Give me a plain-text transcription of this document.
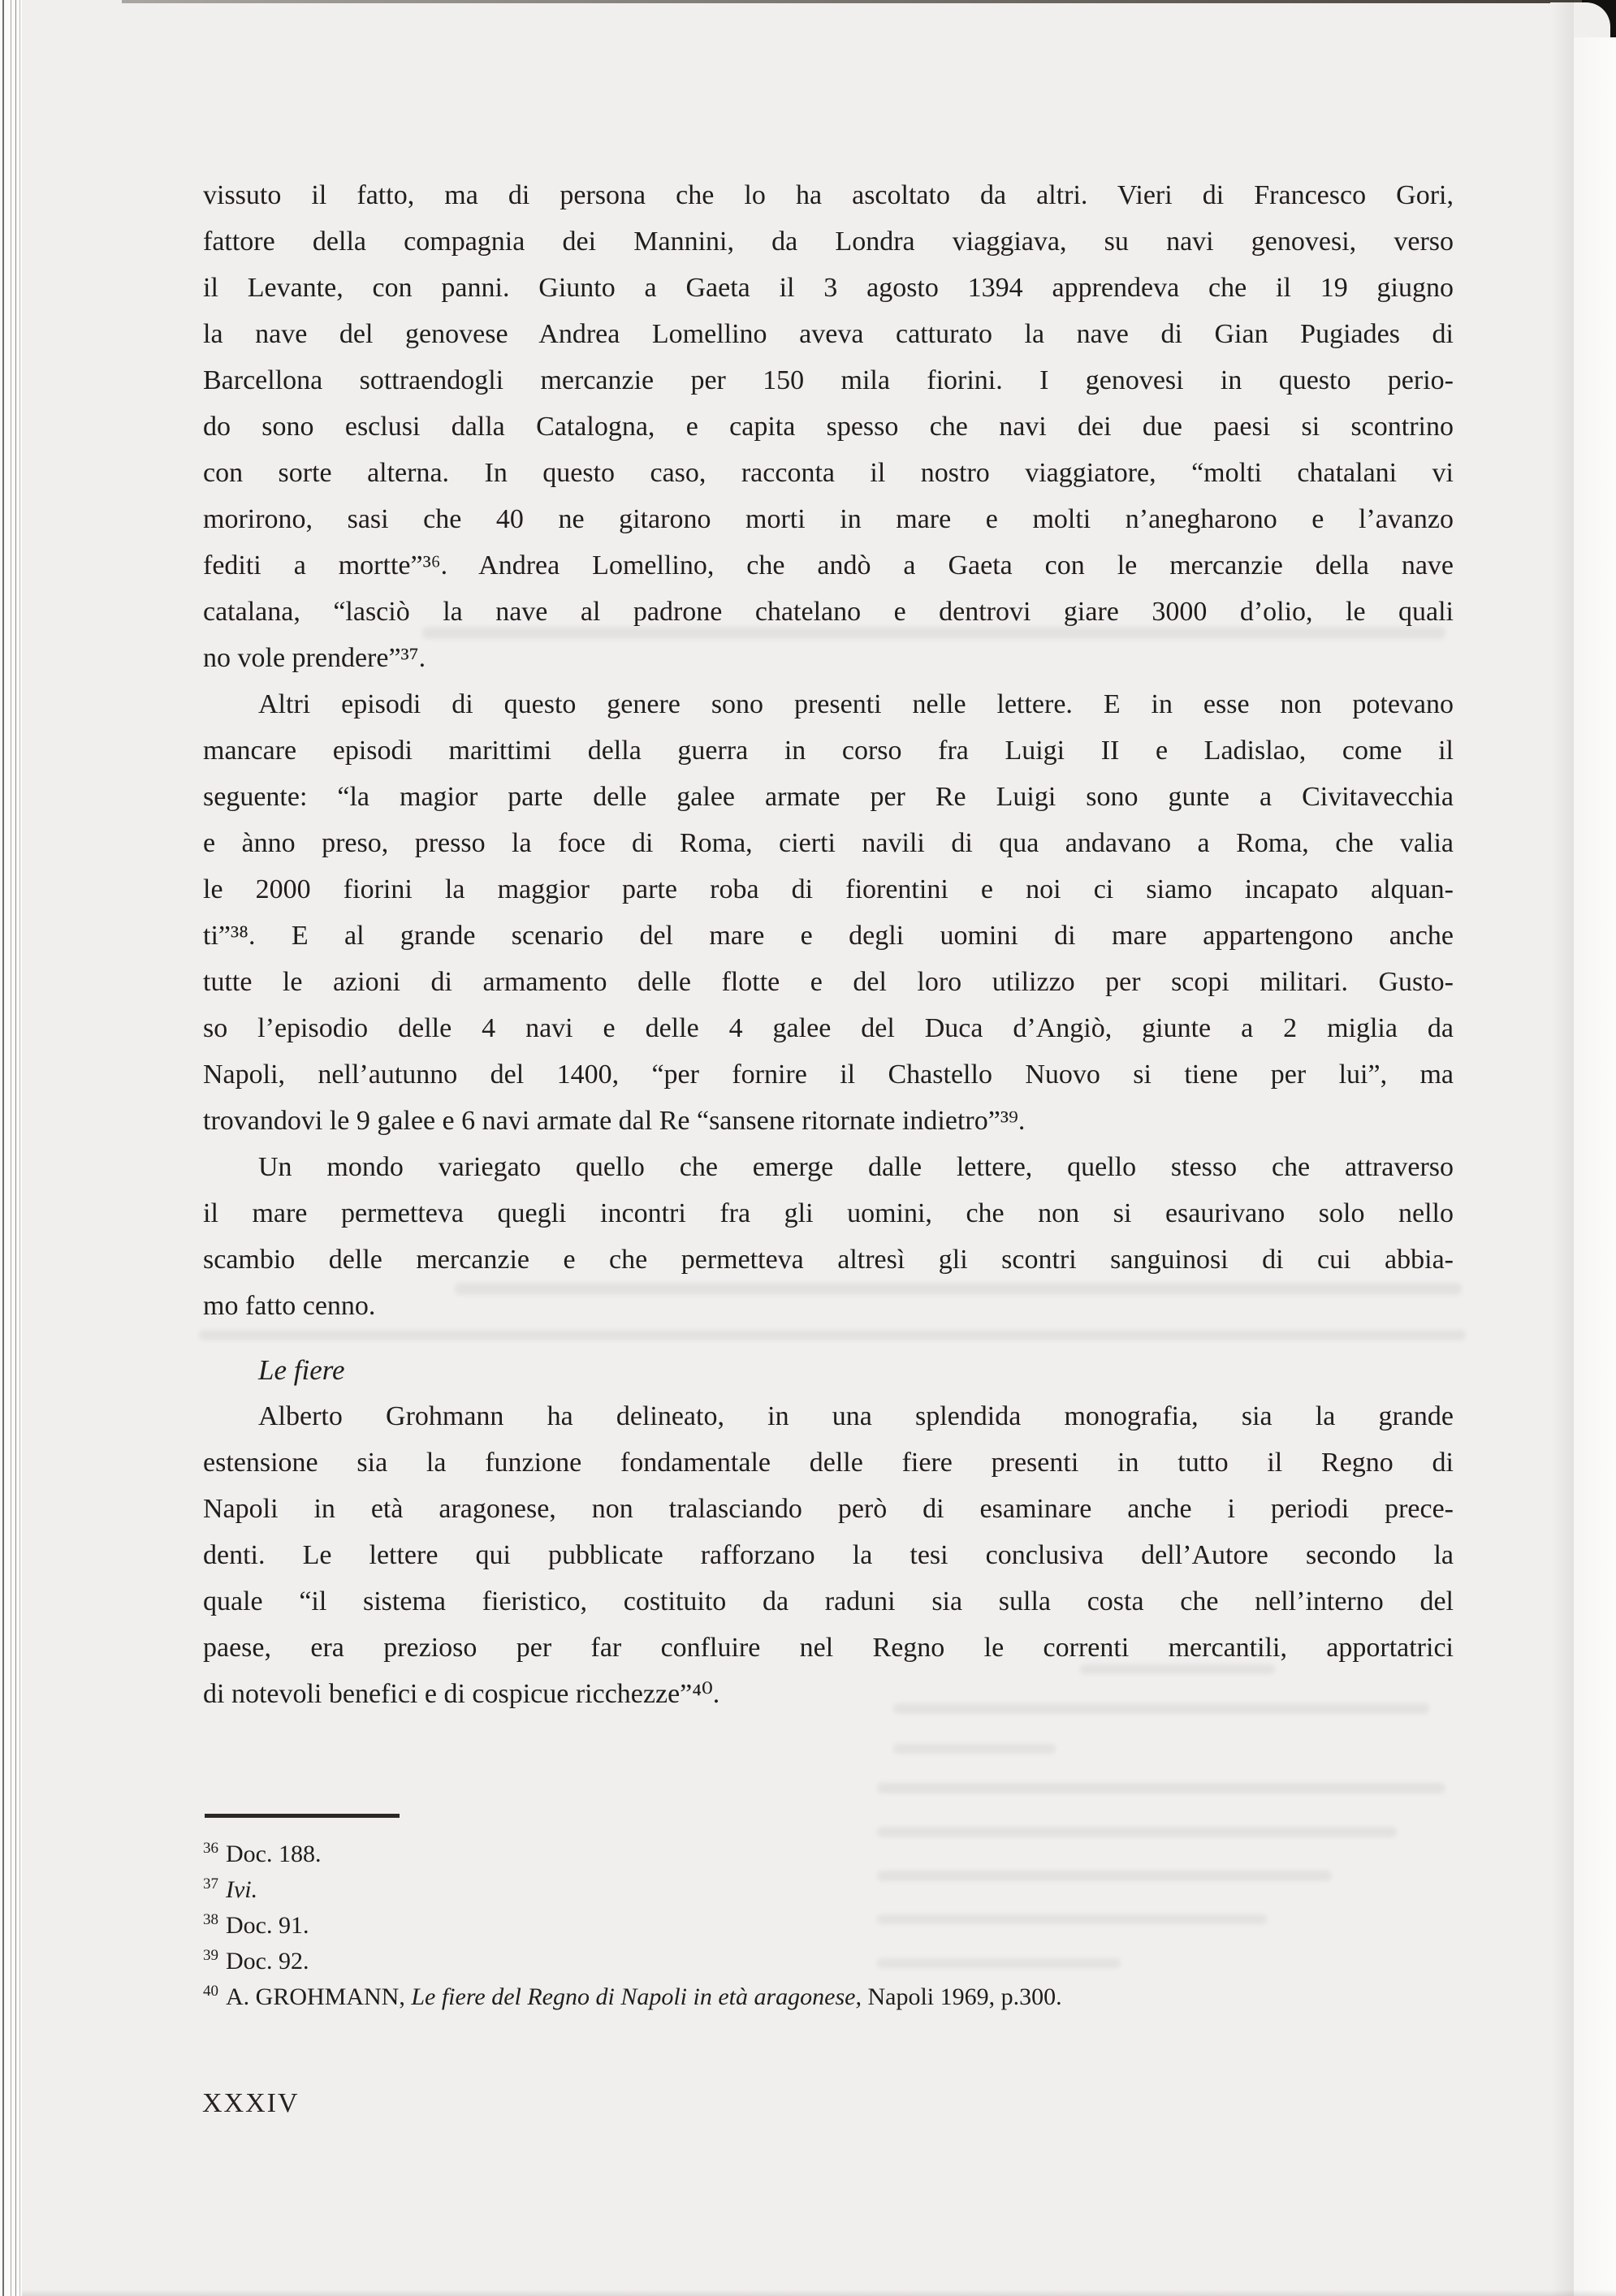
vissuto il fatto, ma di persona che lo ha ascoltato da altri. Vieri di Francesco Gori,
fattore della compagnia dei Mannini, da Londra viaggiava, su navi genovesi, verso
il Levante, con panni. Giunto a Gaeta il 3 agosto 1394 apprendeva che il 19 giugno
la nave del genovese Andrea Lomellino aveva catturato la nave di Gian Pugiades di
Barcellona sottraendogli mercanzie per 150 mila fiorini. I genovesi in questo perio-
do sono esclusi dalla Catalogna, e capita spesso che navi dei due paesi si scontrino
con sorte alterna. In questo caso, racconta il nostro viaggiatore, “molti chatalani vi
morirono, sasi che 40 ne gitarono morti in mare e molti n’anegharono e l’avanzo
fediti a mortte”³⁶. Andrea Lomellino, che andò a Gaeta con le mercanzie della nave
catalana, “lasciò la nave al padrone chatelano e dentrovi giare 3000 d’olio, le quali
no vole prendere”³⁷.
Altri episodi di questo genere sono presenti nelle lettere. E in esse non potevano
mancare episodi marittimi della guerra in corso fra Luigi II e Ladislao, come il
seguente: “la magior parte delle galee armate per Re Luigi sono gunte a Civitavecchia
e ànno preso, presso la foce di Roma, cierti navili di qua andavano a Roma, che valia
le 2000 fiorini la maggior parte roba di fiorentini e noi ci siamo incapato alquan-
ti”³⁸. E al grande scenario del mare e degli uomini di mare appartengono anche
tutte le azioni di armamento delle flotte e del loro utilizzo per scopi militari. Gusto-
so l’episodio delle 4 navi e delle 4 galee del Duca d’Angiò, giunte a 2 miglia da
Napoli, nell’autunno del 1400, “per fornire il Chastello Nuovo si tiene per lui”, ma
trovandovi le 9 galee e 6 navi armate dal Re “sansene ritornate indietro”³⁹.
Un mondo variegato quello che emerge dalle lettere, quello stesso che attraverso
il mare permetteva quegli incontri fra gli uomini, che non si esaurivano solo nello
scambio delle mercanzie e che permetteva altresì gli scontri sanguinosi di cui abbia-
mo fatto cenno.
Le fiere
Alberto Grohmann ha delineato, in una splendida monografia, sia la grande
estensione sia la funzione fondamentale delle fiere presenti in tutto il Regno di
Napoli in età aragonese, non tralasciando però di esaminare anche i periodi prece-
denti. Le lettere qui pubblicate rafforzano la tesi conclusiva dell’Autore secondo la
quale “il sistema fieristico, costituito da raduni sia sulla costa che nell’interno del
paese, era prezioso per far confluire nel Regno le correnti mercantili, apportatrici
di notevoli benefici e di cospicue ricchezze”⁴⁰.
$^{36}$ Doc. 188.
$^{37}$ Ivi.
$^{38}$ Doc. 91.
$^{39}$ Doc. 92.
$^{40}$ A. GROHMANN, Le fiere del Regno di Napoli in età aragonese, Napoli 1969, p.300.
XXXIV
